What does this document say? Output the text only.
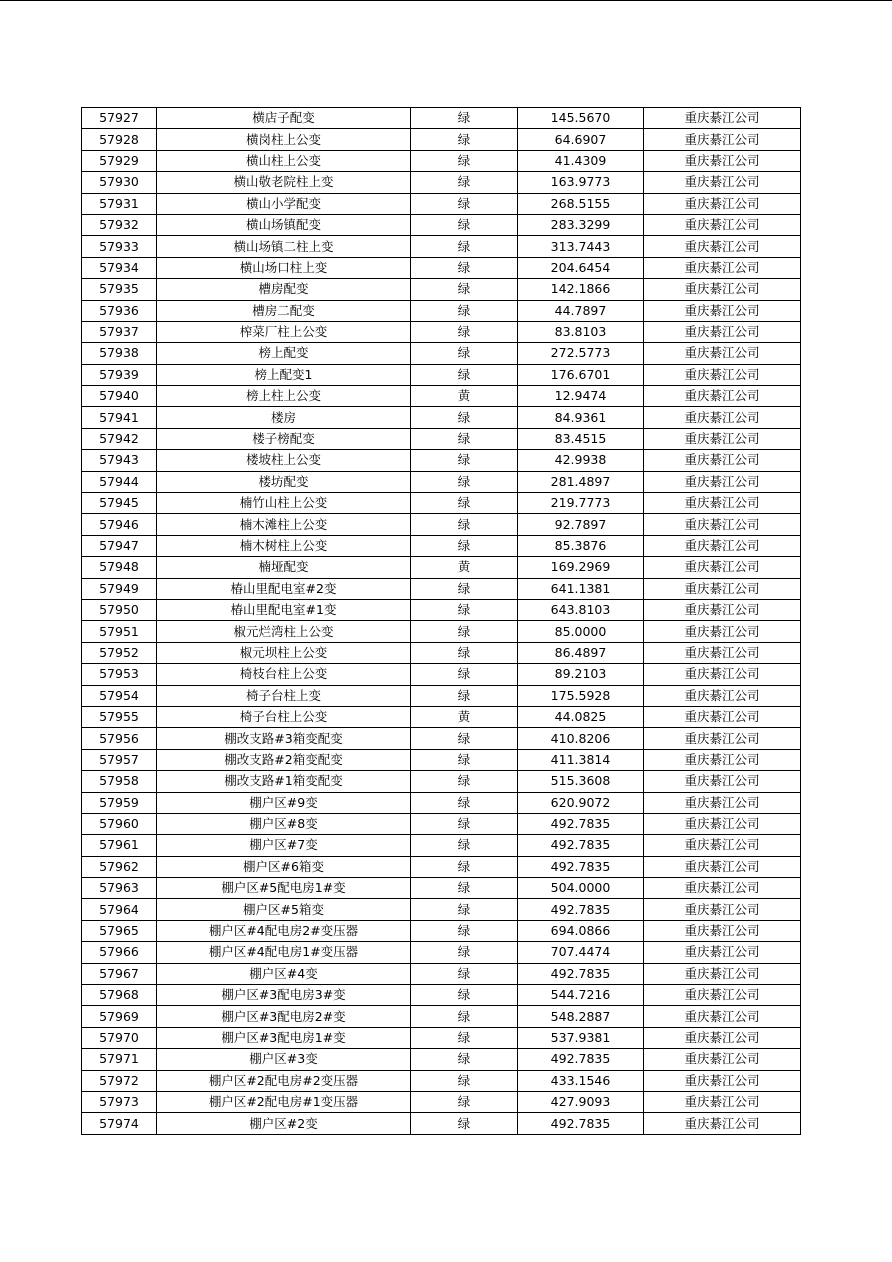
57927	横店子配变	绿	145.5670	重庆綦江公司
57928	横岗柱上公变	绿	64.6907	重庆綦江公司
57929	横山柱上公变	绿	41.4309	重庆綦江公司
57930	横山敬老院柱上变	绿	163.9773	重庆綦江公司
57931	横山小学配变	绿	268.5155	重庆綦江公司
57932	横山场镇配变	绿	283.3299	重庆綦江公司
57933	横山场镇二柱上变	绿	313.7443	重庆綦江公司
57934	横山场口柱上变	绿	204.6454	重庆綦江公司
57935	槽房配变	绿	142.1866	重庆綦江公司
57936	槽房二配变	绿	44.7897	重庆綦江公司
57937	榨菜厂柱上公变	绿	83.8103	重庆綦江公司
57938	榜上配变	绿	272.5773	重庆綦江公司
57939	榜上配变1	绿	176.6701	重庆綦江公司
57940	榜上柱上公变	黄	12.9474	重庆綦江公司
57941	楼房	绿	84.9361	重庆綦江公司
57942	楼子榜配变	绿	83.4515	重庆綦江公司
57943	楼坡柱上公变	绿	42.9938	重庆綦江公司
57944	楼坊配变	绿	281.4897	重庆綦江公司
57945	楠竹山柱上公变	绿	219.7773	重庆綦江公司
57946	楠木滩柱上公变	绿	92.7897	重庆綦江公司
57947	楠木树柱上公变	绿	85.3876	重庆綦江公司
57948	楠垭配变	黄	169.2969	重庆綦江公司
57949	椿山里配电室#2变	绿	641.1381	重庆綦江公司
57950	椿山里配电室#1变	绿	643.8103	重庆綦江公司
57951	椒元烂湾柱上公变	绿	85.0000	重庆綦江公司
57952	椒元坝柱上公变	绿	86.4897	重庆綦江公司
57953	椅枝台柱上公变	绿	89.2103	重庆綦江公司
57954	椅子台柱上变	绿	175.5928	重庆綦江公司
57955	椅子台柱上公变	黄	44.0825	重庆綦江公司
57956	棚改支路#3箱变配变	绿	410.8206	重庆綦江公司
57957	棚改支路#2箱变配变	绿	411.3814	重庆綦江公司
57958	棚改支路#1箱变配变	绿	515.3608	重庆綦江公司
57959	棚户区#9变	绿	620.9072	重庆綦江公司
57960	棚户区#8变	绿	492.7835	重庆綦江公司
57961	棚户区#7变	绿	492.7835	重庆綦江公司
57962	棚户区#6箱变	绿	492.7835	重庆綦江公司
57963	棚户区#5配电房1#变	绿	504.0000	重庆綦江公司
57964	棚户区#5箱变	绿	492.7835	重庆綦江公司
57965	棚户区#4配电房2#变压器	绿	694.0866	重庆綦江公司
57966	棚户区#4配电房1#变压器	绿	707.4474	重庆綦江公司
57967	棚户区#4变	绿	492.7835	重庆綦江公司
57968	棚户区#3配电房3#变	绿	544.7216	重庆綦江公司
57969	棚户区#3配电房2#变	绿	548.2887	重庆綦江公司
57970	棚户区#3配电房1#变	绿	537.9381	重庆綦江公司
57971	棚户区#3变	绿	492.7835	重庆綦江公司
57972	棚户区#2配电房#2变压器	绿	433.1546	重庆綦江公司
57973	棚户区#2配电房#1变压器	绿	427.9093	重庆綦江公司
57974	棚户区#2变	绿	492.7835	重庆綦江公司
